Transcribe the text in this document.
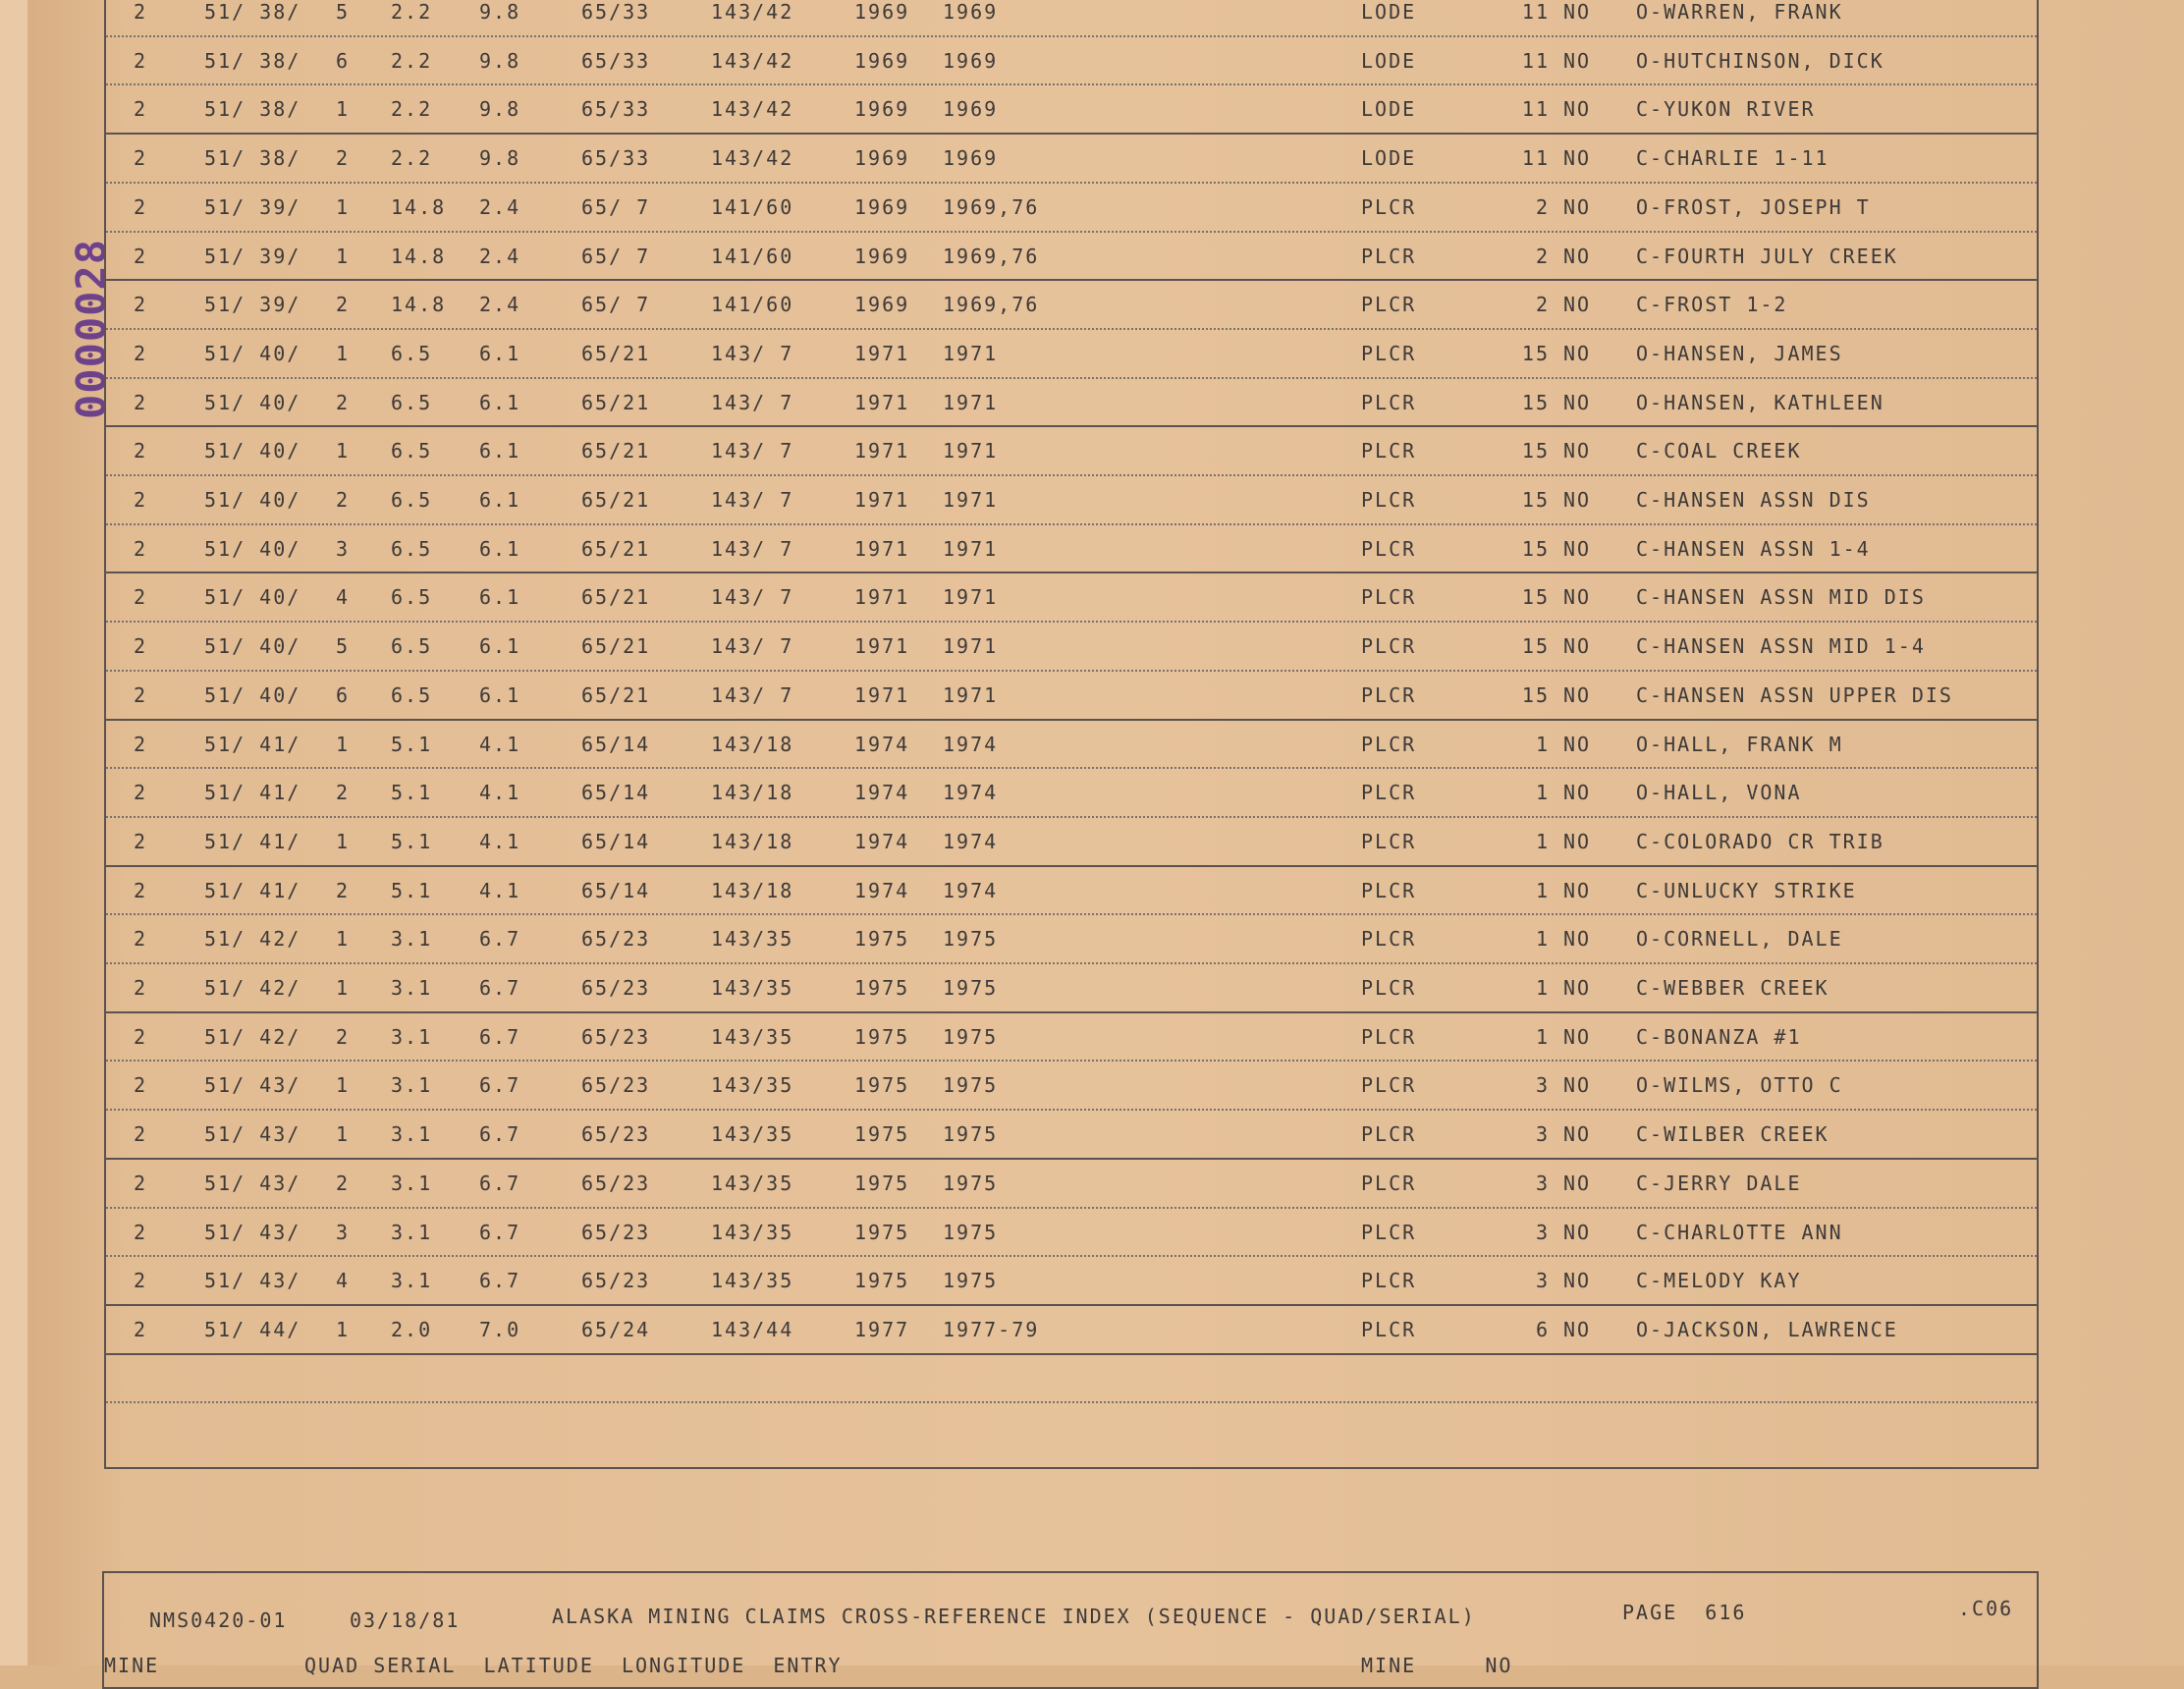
0000028
2	51/ 38/ 5 2.2 9.8	65/33	143/42	1969 1969	LODE	11 NO O-WARREN, FRANK
2	51/ 38/ 6 2.2 9.8	65/33	143/42	1969 1969	LODE	11 NO O-HUTCHINSON, DICK
2	51/ 38/ 1 2.2 9.8	65/33	143/42	1969 1969	LODE	11 NO C-YUKON RIVER
2	51/ 38/ 2 2.2 9.8	65/33	143/42	1969 1969	LODE	11 NO C-CHARLIE 1-11
2	51/ 39/ 1 14.8 2.4	65/ 7	141/60	1969 1969,76	PLCR	2 NO O-FROST, JOSEPH T
2	51/ 39/ 1 14.8 2.4	65/ 7	141/60	1969 1969,76	PLCR	2 NO C-FOURTH JULY CREEK
2	51/ 39/ 2 14.8 2.4	65/ 7	141/60	1969 1969,76	PLCR	2 NO C-FROST 1-2
2	51/ 40/ 1 6.5 6.1	65/21	143/ 7	1971 1971	PLCR	15 NO O-HANSEN, JAMES
2	51/ 40/ 2 6.5 6.1	65/21	143/ 7	1971 1971	PLCR	15 NO O-HANSEN, KATHLEEN
2	51/ 40/ 1 6.5 6.1	65/21	143/ 7	1971 1971	PLCR	15 NO C-COAL CREEK
2	51/ 40/ 2 6.5 6.1	65/21	143/ 7	1971 1971	PLCR	15 NO C-HANSEN ASSN DIS
2	51/ 40/ 3 6.5 6.1	65/21	143/ 7	1971 1971	PLCR	15 NO C-HANSEN ASSN 1-4
2	51/ 40/ 4 6.5 6.1	65/21	143/ 7	1971 1971	PLCR	15 NO C-HANSEN ASSN MID DIS
2	51/ 40/ 5 6.5 6.1	65/21	143/ 7	1971 1971	PLCR	15 NO C-HANSEN ASSN MID 1-4
2	51/ 40/ 6 6.5 6.1	65/21	143/ 7	1971 1971	PLCR	15 NO C-HANSEN ASSN UPPER DIS
2	51/ 41/ 1 5.1 4.1	65/14	143/18	1974 1974	PLCR	1 NO O-HALL, FRANK M
2	51/ 41/ 2 5.1 4.1	65/14	143/18	1974 1974	PLCR	1 NO O-HALL, VONA
2	51/ 41/ 1 5.1 4.1	65/14	143/18	1974 1974	PLCR	1 NO C-COLORADO CR TRIB
2	51/ 41/ 2 5.1 4.1	65/14	143/18	1974 1974	PLCR	1 NO C-UNLUCKY STRIKE
2	51/ 42/ 1 3.1 6.7	65/23	143/35	1975 1975	PLCR	1 NO O-CORNELL, DALE
2	51/ 42/ 1 3.1 6.7	65/23	143/35	1975 1975	PLCR	1 NO C-WEBBER CREEK
2	51/ 42/ 2 3.1 6.7	65/23	143/35	1975 1975	PLCR	1 NO C-BONANZA #1
2	51/ 43/ 1 3.1 6.7	65/23	143/35	1975 1975	PLCR	3 NO O-WILMS, OTTO C
2	51/ 43/ 1 3.1 6.7	65/23	143/35	1975 1975	PLCR	3 NO C-WILBER CREEK
2	51/ 43/ 2 3.1 6.7	65/23	143/35	1975 1975	PLCR	3 NO C-JERRY DALE
2	51/ 43/ 3 3.1 6.7	65/23	143/35	1975 1975	PLCR	3 NO C-CHARLOTTE ANN
2	51/ 43/ 4 3.1 6.7	65/23	143/35	1975 1975	PLCR	3 NO C-MELODY KAY
2	51/ 44/ 1 2.0 7.0	65/24	143/44	1977 1977-79	PLCR	6 NO O-JACKSON, LAWRENCE
NMS0420-01	03/18/81	ALASKA MINING CLAIMS CROSS-REFERENCE INDEX (SEQUENCE - QUAD/SERIAL)	PAGE  616	.C06
MINE	QUAD SERIAL  LATITUDE  LONGITUDE  ENTRY	MINE     NO
